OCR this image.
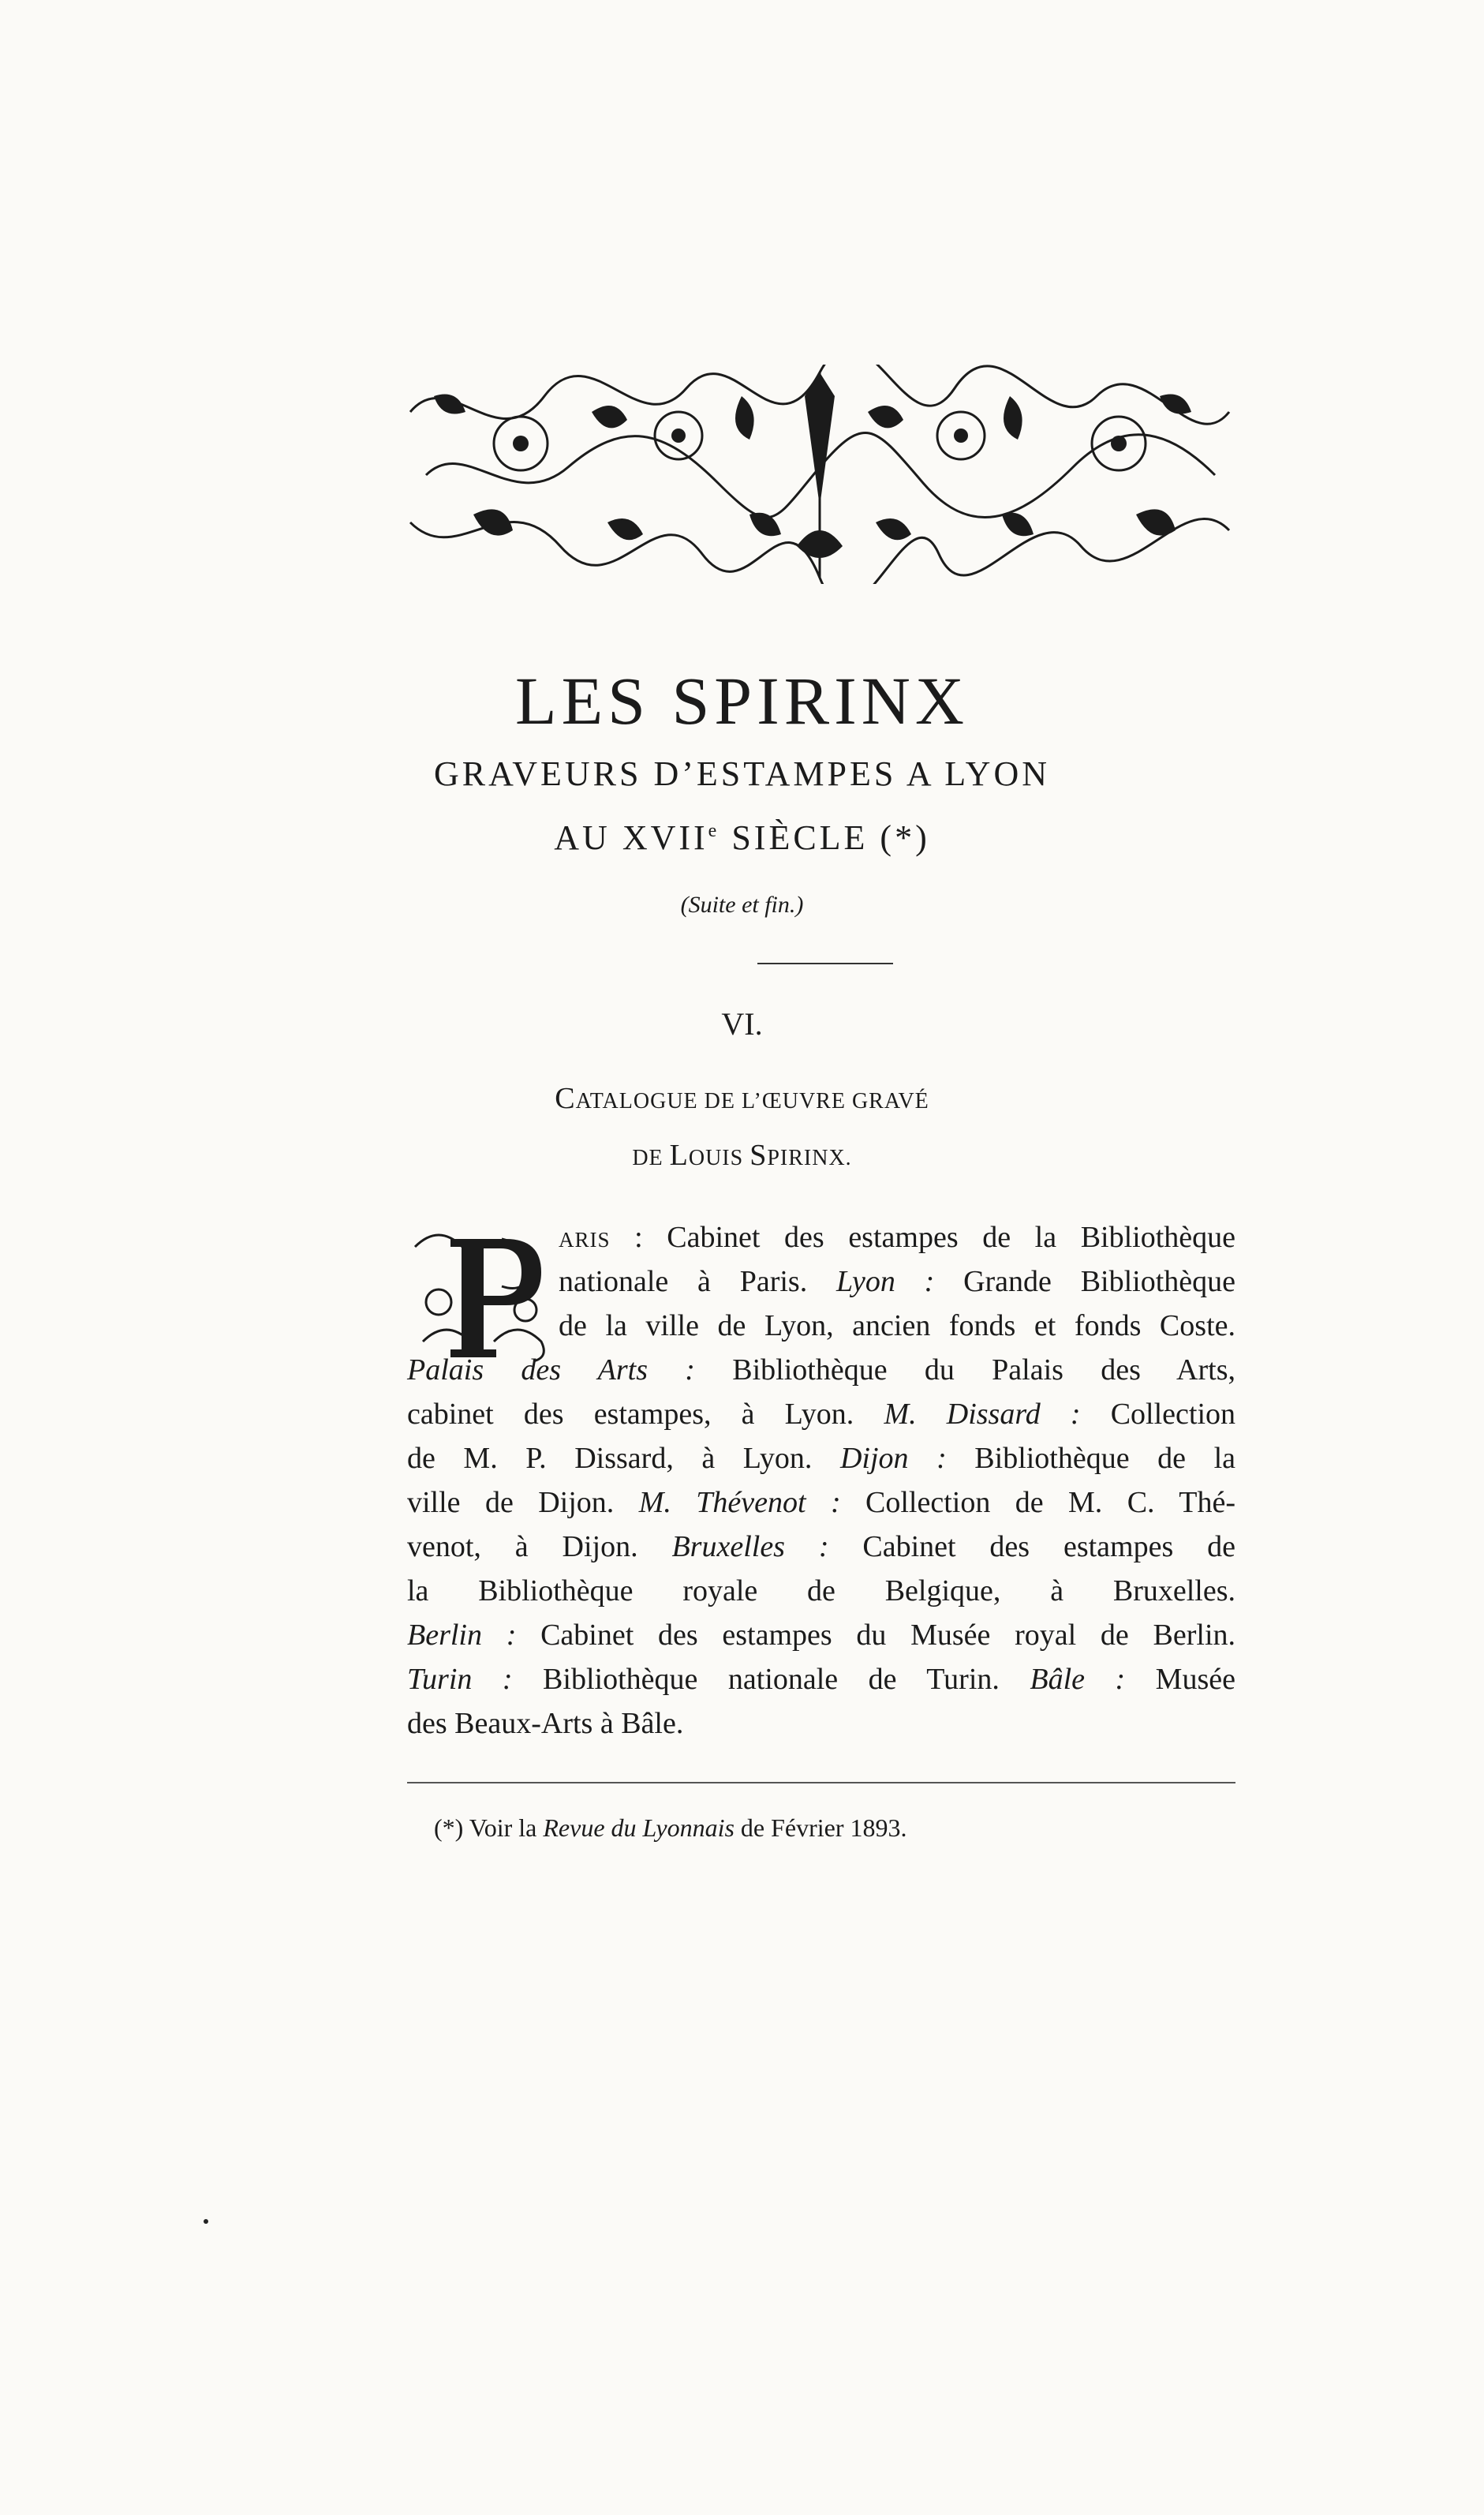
LES SPIRINX
GRAVEURS D’ESTAMPES A LYON
AU XVIIe SIÈCLE (*)
(Suite et fin.)
VI.
CATALOGUE DE L’ŒUVRE GRAVÉ
DE LOUIS SPIRINX.
ARIS : Cabinet des estampes de la Bibliothèque
nationale à Paris. Lyon : Grande Bibliothèque
de la ville de Lyon, ancien fonds et fonds Coste.
Palais des Arts : Bibliothèque du Palais des Arts,
cabinet des estampes, à Lyon. M. Dissard : Collection
de M. P. Dissard, à Lyon. Dijon : Bibliothèque de la
ville de Dijon. M. Thévenot : Collection de M. C. Thé-
venot, à Dijon. Bruxelles : Cabinet des estampes de
la Bibliothèque royale de Belgique, à Bruxelles.
Berlin : Cabinet des estampes du Musée royal de Berlin.
Turin : Bibliothèque nationale de Turin. Bâle : Musée
des Beaux-Arts à Bâle.
(*) Voir la Revue du Lyonnais de Février 1893.
